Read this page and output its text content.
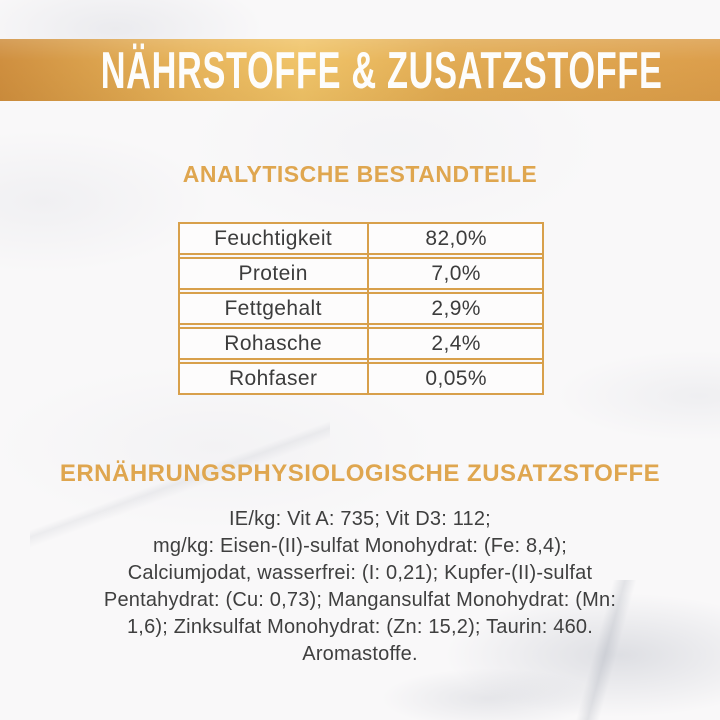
NÄHRSTOFFE & ZUSATZSTOFFE
ANALYTISCHE BESTANDTEILE
Feuchtigkeit	82,0%
Protein	7,0%
Fettgehalt	2,9%
Rohasche	2,4%
Rohfaser	0,05%
ERNÄHRUNGSPHYSIOLOGISCHE ZUSATZSTOFFE
IE/kg: Vit A: 735; Vit D3: 112;
mg/kg: Eisen-(II)-sulfat Monohydrat: (Fe: 8,4);
Calciumjodat, wasserfrei: (I: 0,21); Kupfer-(II)-sulfat
Pentahydrat: (Cu: 0,73); Mangansulfat Monohydrat: (Mn:
1,6); Zinksulfat Monohydrat: (Zn: 15,2); Taurin: 460.
Aromastoffe.
